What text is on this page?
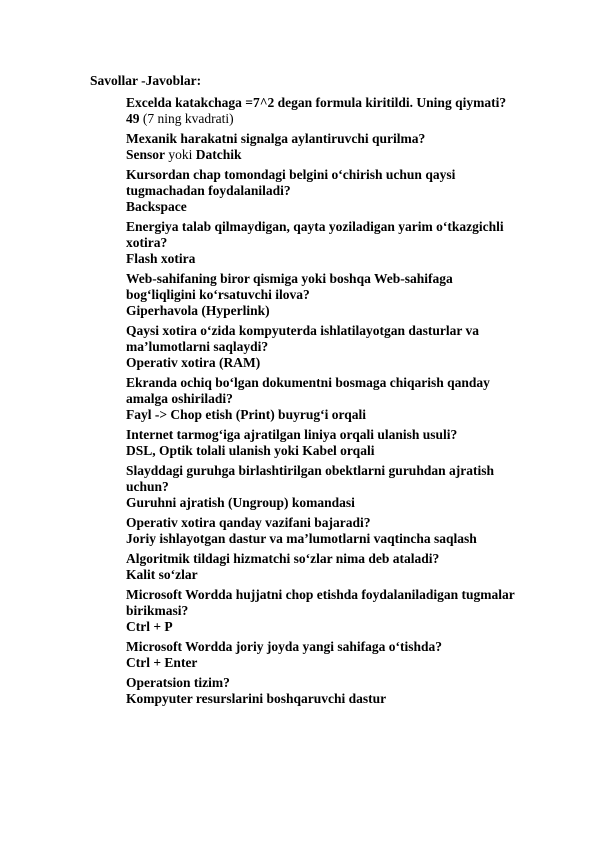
Savollar -Javoblar:
Excelda katakchaga =7^2 degan formula kiritildi. Uning qiymati?
49 (7 ning kvadrati)
Mexanik harakatni signalga aylantiruvchi qurilma?
Sensor yoki Datchik
Kursordan chap tomondagi belgini o‘chirish uchun qaysi tugmachadan foydalaniladi?
Backspace
Energiya talab qilmaydigan, qayta yoziladigan yarim o‘tkazgichli xotira?
Flash xotira
Web-sahifaning biror qismiga yoki boshqa Web-sahifaga bog‘liqligini ko‘rsatuvchi ilova?
Giperhavola (Hyperlink)
Qaysi xotira o‘zida kompyuterda ishlatilayotgan dasturlar va ma’lumotlarni saqlaydi?
Operativ xotira (RAM)
Ekranda ochiq bo‘lgan dokumentni bosmaga chiqarish qanday amalga oshiriladi?
Fayl -> Chop etish (Print) buyrug‘i orqali
Internet tarmog‘iga ajratilgan liniya orqali ulanish usuli?
DSL, Optik tolali ulanish yoki Kabel orqali
Slayddagi guruhga birlashtirilgan obektlarni guruhdan ajratish uchun?
Guruhni ajratish (Ungroup) komandasi
Operativ xotira qanday vazifani bajaradi?
Joriy ishlayotgan dastur va ma’lumotlarni vaqtincha saqlash
Algoritmik tildagi hizmatchi so‘zlar nima deb ataladi?
Kalit so‘zlar
Microsoft Wordda hujjatni chop etishda foydalaniladigan tugmalar birikmasi?
Ctrl + P
Microsoft Wordda joriy joyda yangi sahifaga o‘tishda?
Ctrl + Enter
Operatsion tizim?
Kompyuter resurslarini boshqaruvchi dastur
